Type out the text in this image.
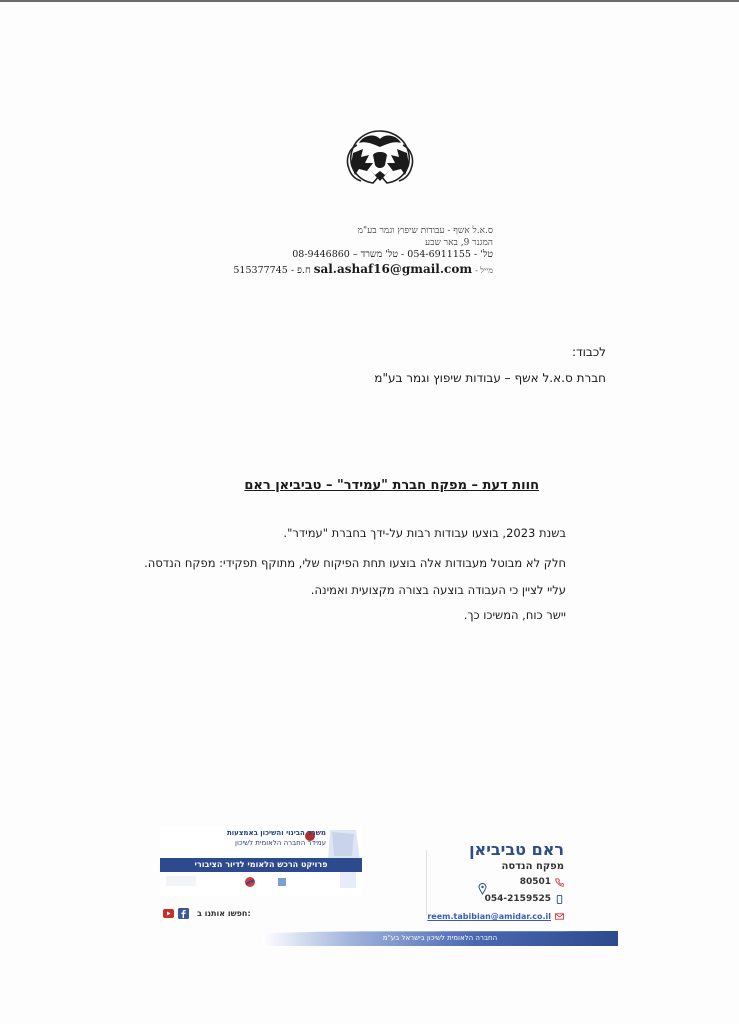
ס.א.ל אשף - עבודות שיפוץ וגמר בע"מ
המגנר 9, באר שבע
טל' - 054-6911155 - טל' משרד – 08-9446860
מייל - sal.ashaf16@gmail.com ח.פ - 515377745
לכבוד:
חברת ס.א.ל אשף – עבודות שיפוץ וגמר בע"מ
חוות דעת – מפקח חברת "עמידר" – טביביאן ראם
בשנת 2023, בוצעו עבודות רבות על-ידך בחברת "עמידר".
חלק לא מבוטל מעבודות אלה בוצעו תחת הפיקוח שלי, מתוקף תפקידי: מפקח הנדסה.
עליי לציין כי העבודה בוצעה בצורה מקצועית ואמינה.
יישר כוח, המשיכו כך.
ראם טביביאן
מפקח הנדסה
80501
054-2159525
reem.tabibian@amidar.co.il
משרד הבינוי והשיכון באמצעות
עמידר החברה הלאומית לשיכון
פרויקט הרכש הלאומי לדיור הציבורי
חפשו אותנו ב:
החברה הלאומית לשיכון בישראל בע"מ
